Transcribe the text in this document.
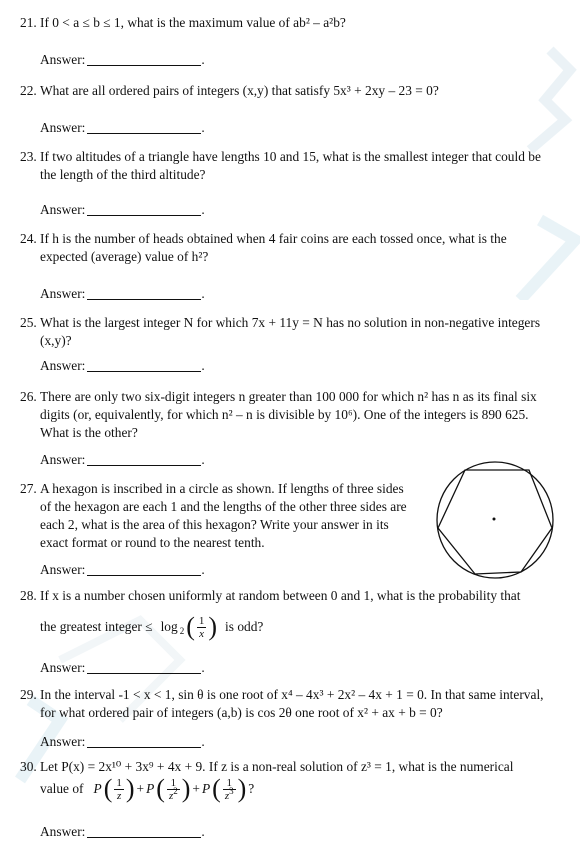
21. If 0 < a ≤ b ≤ 1, what is the maximum value of ab² – a²b?
Answer:	.
22. What are all ordered pairs of integers (x,y) that satisfy 5x³ + 2xy – 23 = 0?
Answer:	.
23. If two altitudes of a triangle have lengths 10 and 15, what is the smallest integer that could be the length of the third altitude?
Answer:	.
24. If h is the number of heads obtained when 4 fair coins are each tossed once, what is the expected (average) value of h²?
Answer:	.
25. What is the largest integer N for which 7x + 11y = N has no solution in non-negative integers (x,y)?
Answer:	.
26. There are only two six-digit integers n greater than 100 000 for which n² has n as its final six digits (or, equivalently, for which n² – n is divisible by 10⁶). One of the integers is 890 625. What is the other?
Answer:	.
27. A hexagon is inscribed in a circle as shown. If lengths of three sides of the hexagon are each 1 and the lengths of the other three sides are each 2, what is the area of this hexagon? Write your answer in its exact format or round to the nearest tenth.
Answer:	.
28. If x is a number chosen uniformly at random between 0 and 1, what is the probability that
the greatest integer ≤ log 2 ( $\frac{1}{x}$ ) is odd?
Answer:	.
29. In the interval -1 < x < 1, sin θ is one root of x⁴ – 4x³ + 2x² – 4x + 1 = 0. In that same interval, for what ordered pair of integers (a,b) is cos 2θ one root of x² + ax + b = 0?
Answer:	.
30. Let P(x) = 2x¹⁰ + 3x⁹ + 4x + 9. If z is a non-real solution of z³ = 1, what is the numerical
value of P ( $\frac{1}{z}$ ) + P ( $\frac{1}{z^2}$ ) + P ( $\frac{1}{z^3}$ ) ?
Answer:	.
